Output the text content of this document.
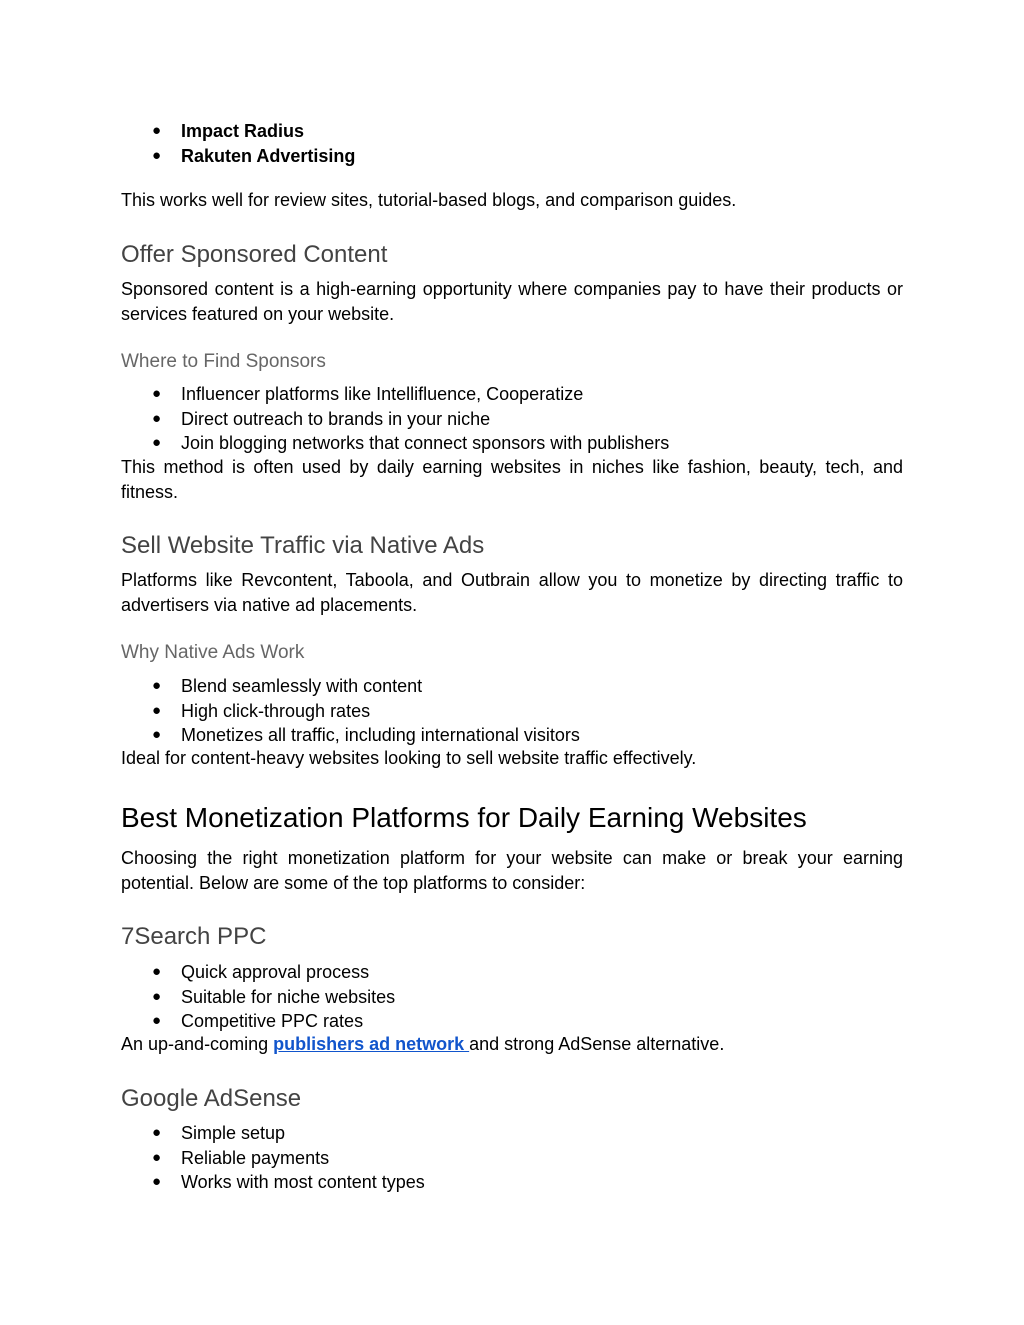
● Impact Radius
● Rakuten Advertising

This works well for review sites, tutorial-based blogs, and comparison guides.

Offer Sponsored Content

Sponsored content is a high-earning opportunity where companies pay to have their products or services featured on your website.

Where to Find Sponsors
● Influencer platforms like Intellifluence, Cooperatize
● Direct outreach to brands in your niche
● Join blogging networks that connect sponsors with publishers

This method is often used by daily earning websites in niches like fashion, beauty, tech, and fitness.

Sell Website Traffic via Native Ads

Platforms like Revcontent, Taboola, and Outbrain allow you to monetize by directing traffic to advertisers via native ad placements.

Why Native Ads Work
● Blend seamlessly with content
● High click-through rates
● Monetizes all traffic, including international visitors

Ideal for content-heavy websites looking to sell website traffic effectively.

Best Monetization Platforms for Daily Earning Websites

Choosing the right monetization platform for your website can make or break your earning potential. Below are some of the top platforms to consider:

7Search PPC
● Quick approval process
● Suitable for niche websites
● Competitive PPC rates

An up-and-coming publishers ad network and strong AdSense alternative.

Google AdSense
● Simple setup
● Reliable payments
● Works with most content types
